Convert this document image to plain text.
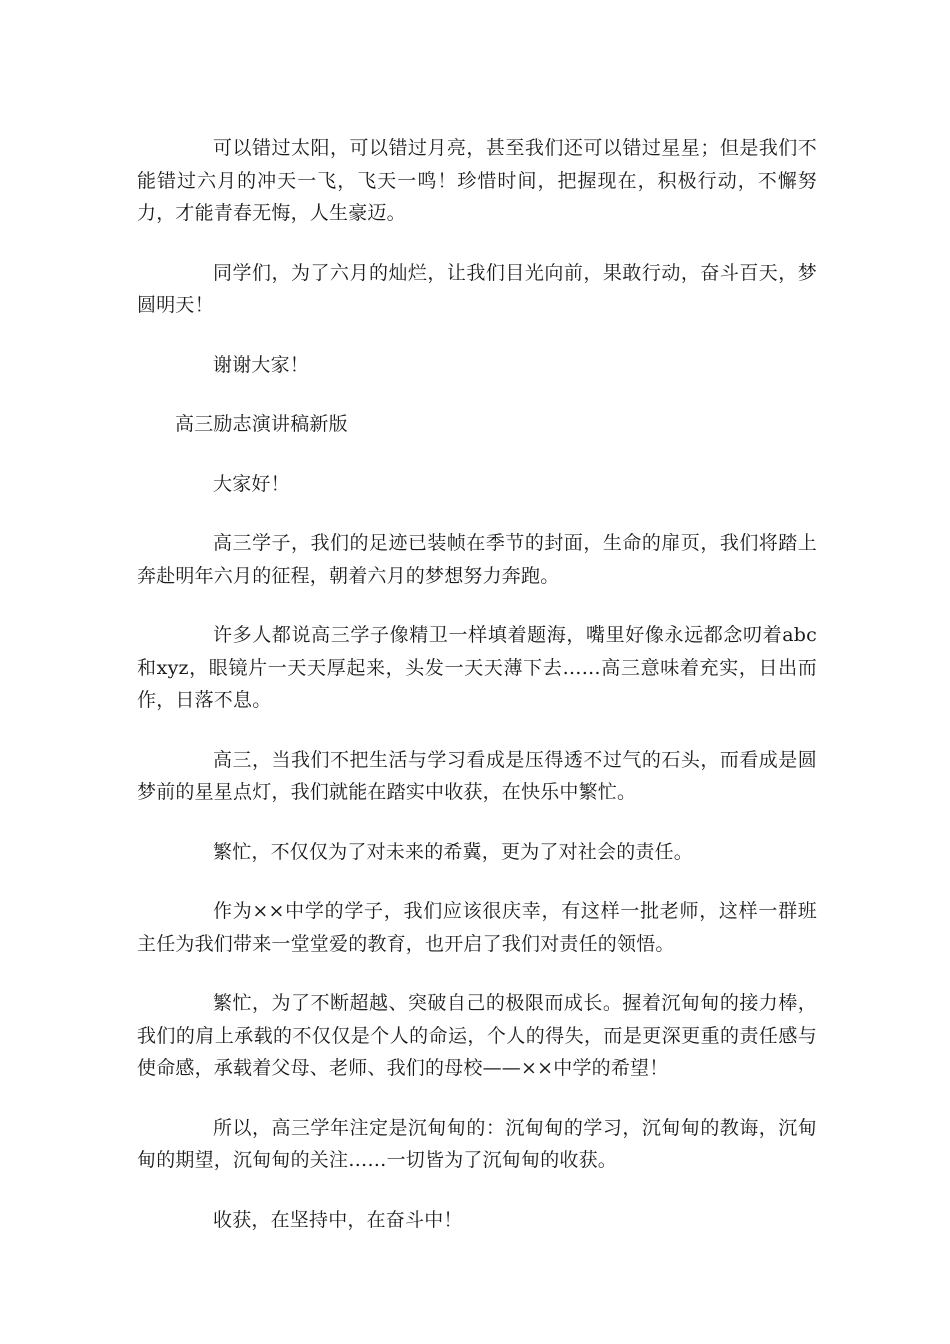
可以错过太阳，可以错过月亮，甚至我们还可以错过星星；但是我们不能错过六月的冲天一飞，飞天一鸣！珍惜时间，把握现在，积极行动，不懈努力，才能青春无悔，人生豪迈。

同学们，为了六月的灿烂，让我们目光向前，果敢行动，奋斗百天，梦圆明天！

谢谢大家！

高三励志演讲稿新版

大家好！

高三学子，我们的足迹已装帧在季节的封面，生命的扉页，我们将踏上奔赴明年六月的征程，朝着六月的梦想努力奔跑。

许多人都说高三学子像精卫一样填着题海，嘴里好像永远都念叨着abc和xyz，眼镜片一天天厚起来，头发一天天薄下去……高三意味着充实，日出而作，日落不息。

高三，当我们不把生活与学习看成是压得透不过气的石头，而看成是圆梦前的星星点灯，我们就能在踏实中收获，在快乐中繁忙。

繁忙，不仅仅为了对未来的希冀，更为了对社会的责任。

作为××中学的学子，我们应该很庆幸，有这样一批老师，这样一群班主任为我们带来一堂堂爱的教育，也开启了我们对责任的领悟。

繁忙，为了不断超越、突破自己的极限而成长。握着沉甸甸的接力棒，我们的肩上承载的不仅仅是个人的命运，个人的得失，而是更深更重的责任感与使命感，承载着父母、老师、我们的母校——××中学的希望！

所以，高三学年注定是沉甸甸的：沉甸甸的学习，沉甸甸的教诲，沉甸甸的期望，沉甸甸的关注……一切皆为了沉甸甸的收获。

收获，在坚持中，在奋斗中！
